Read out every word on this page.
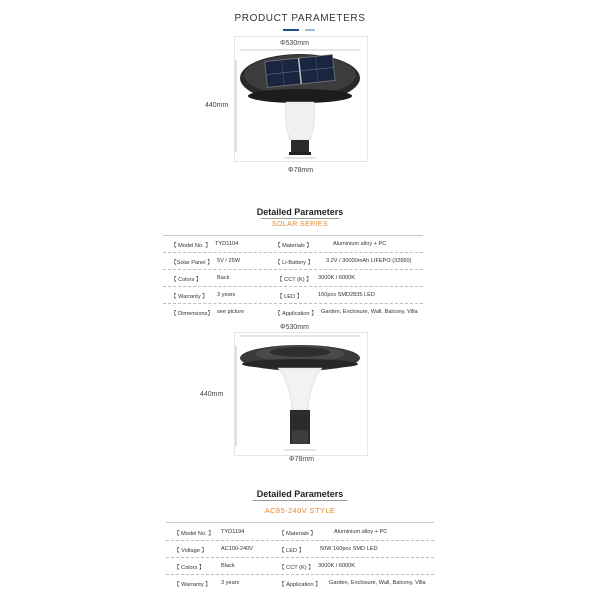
PRODUCT PARAMETERS
Φ530mm
440mm
Φ78mm
Detailed Parameters
SOLAR SERIES
【 Model No. 】 TYD1104	【 Materials 】	Aluminium alloy + PC
【Solar Panel 】 5V / 25W	【 Li-Battery 】 3.2V / 30000mAh LIFEPO (32650)
【 Colors 】	Back	【 CCT (K) 】 3000K / 6000K
【 Warranty 】 3 years	【 LED 】	160pcs SMD2835 LED
【 Dimensions】 see picture	【 Application 】 Garden, Enclosure, Wall, Balcony, Villa
Φ530mm
440mm
Φ78mm
Detailed Parameters
AC85-240V STYLE
【 Model No. 】 TYD1194	【 Materials 】	Aluminium alloy + PC
【 Voltage 】	AC100-240V	【 LED 】	50W 160pcs SMD LED
【 Colors 】	Black	【 CCT (K) 】 3000K / 6000K
【 Warranty 】 3 years	【 Application 】 Garden, Enclosure, Wall, Balcony, Villa
